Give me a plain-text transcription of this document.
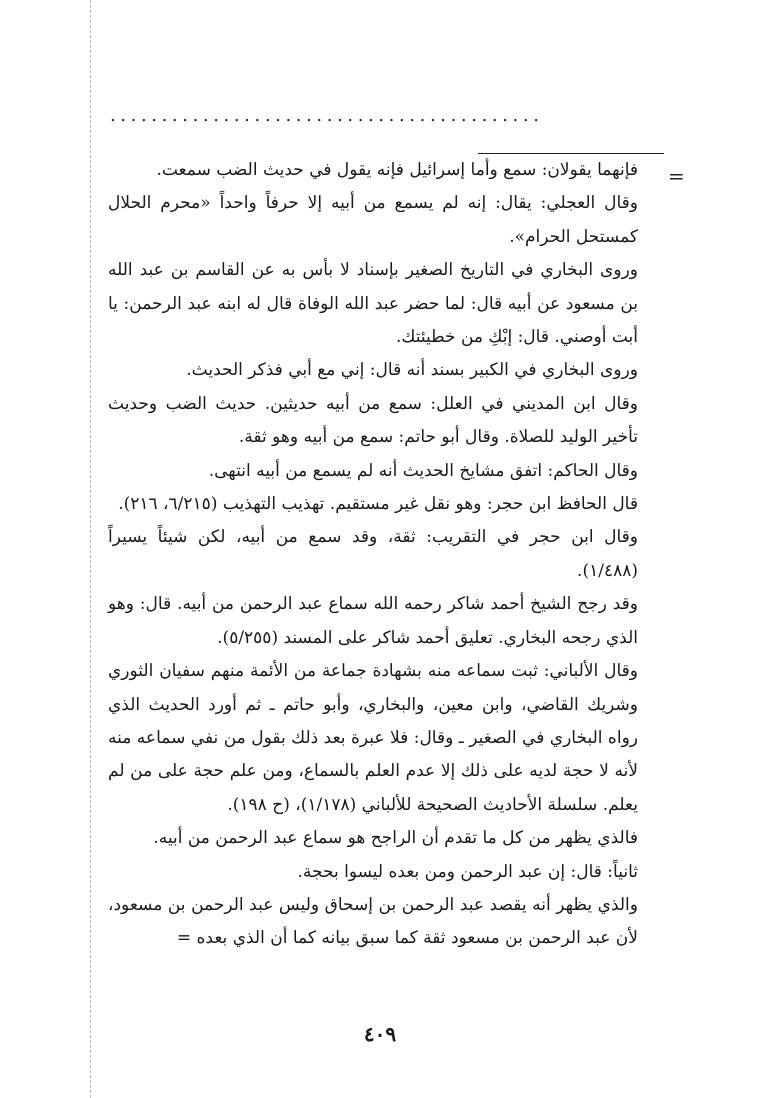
..........................................
=

فإنهما يقولان: سمع وأما إسرائيل فإنه يقول في حديث الضب سمعت.

وقال العجلي: يقال: إنه لم يسمع من أبيه إلا حرفاً واحداً «محرم الحلال كمستحل الحرام».

وروى البخاري في التاريخ الصغير بإسناد لا بأس به عن القاسم بن عبد الله بن مسعود عن أبيه قال: لما حضر عبد الله الوفاة قال له ابنه عبد الرحمن: يا أبت أوصني. قال: إبْكِ من خطيئتك.

وروى البخاري في الكبير بسند أنه قال: إني مع أبي فذكر الحديث.

وقال ابن المديني في العلل: سمع من أبيه حديثين. حديث الضب وحديث تأخير الوليد للصلاة. وقال أبو حاتم: سمع من أبيه وهو ثقة.

وقال الحاكم: اتفق مشايخ الحديث أنه لم يسمع من أبيه انتهى.

قال الحافظ ابن حجر: وهو نقل غير مستقيم. تهذيب التهذيب (٦/٢١٥، ٢١٦).

وقال ابن حجر في التقريب: ثقة، وقد سمع من أبيه، لكن شيئاً يسيراً (١/٤٨٨).

وقد رجح الشيخ أحمد شاكر رحمه الله سماع عبد الرحمن من أبيه. قال: وهو الذي رجحه البخاري. تعليق أحمد شاكر على المسند (٥/٢٥٥).

وقال الألباني: ثبت سماعه منه بشهادة جماعة من الأئمة منهم سفيان الثوري وشريك القاضي، وابن معين، والبخاري، وأبو حاتم ـ ثم أورد الحديث الذي رواه البخاري في الصغير ـ وقال: فلا عبرة بعد ذلك بقول من نفي سماعه منه لأنه لا حجة لديه على ذلك إلا عدم العلم بالسماع، ومن علم حجة على من لم يعلم. سلسلة الأحاديث الصحيحة للألباني (١/١٧٨)، (ح ١٩٨).

فالذي يظهر من كل ما تقدم أن الراجح هو سماع عبد الرحمن من أبيه.

ثانياً: قال: إن عبد الرحمن ومن بعده ليسوا بحجة.

والذي يظهر أنه يقصد عبد الرحمن بن إسحاق وليس عبد الرحمن بن مسعود، لأن عبد الرحمن بن مسعود ثقة كما سبق بيانه كما أن الذي بعده =

٤٠٩
